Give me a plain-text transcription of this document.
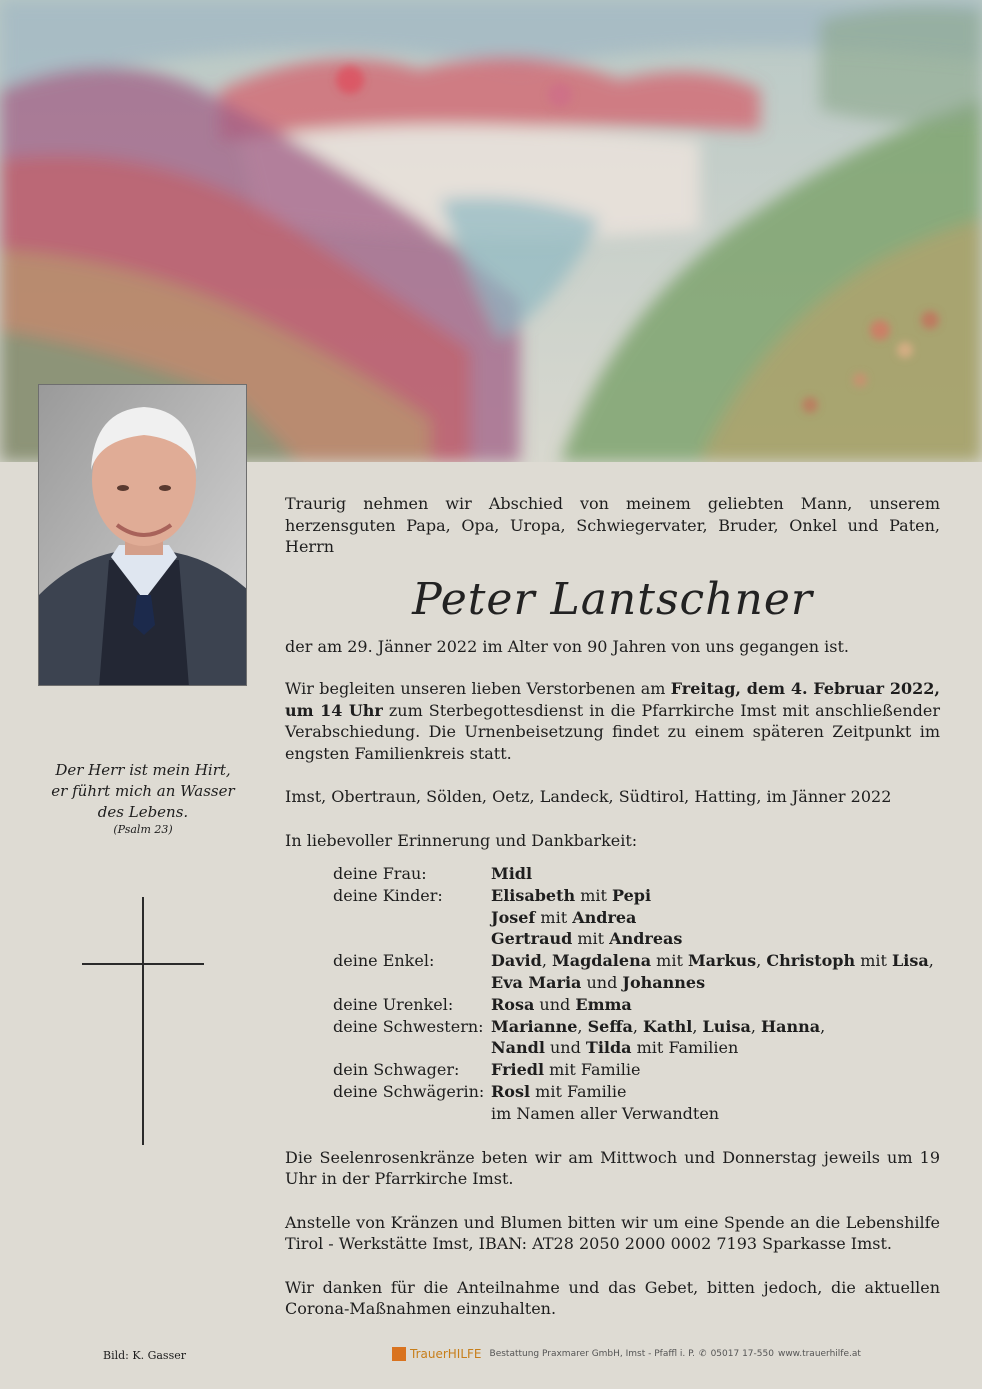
Der Herr ist mein Hirt,
er führt mich an Wasser
des Lebens.
(Psalm 23)

Traurig nehmen wir Abschied von meinem geliebten Mann, unserem herzensguten Papa, Opa, Uropa, Schwiegervater, Bruder, Onkel und Paten, Herrn

Peter Lantschner

der am 29. Jänner 2022 im Alter von 90 Jahren von uns gegangen ist.

Wir begleiten unseren lieben Verstorbenen am Freitag, dem 4. Februar 2022, um 14 Uhr zum Sterbegottesdienst in die Pfarrkirche Imst mit anschließender Verabschiedung. Die Urnenbeisetzung findet zu einem späteren Zeitpunkt im engsten Familienkreis statt.

Imst, Obertraun, Sölden, Oetz, Landeck, Südtirol, Hatting, im Jänner 2022

In liebevoller Erinnerung und Dankbarkeit:

deine Frau:	Midl

deine Kinder:	Elisabeth mit Pepi
Josef mit Andrea
Gertraud mit Andreas

deine Enkel:	David, Magdalena mit Markus, Christoph mit Lisa,
Eva Maria und Johannes

deine Urenkel:	Rosa und Emma

deine Schwestern:	Marianne, Seffa, Kathl, Luisa, Hanna,
Nandl und Tilda mit Familien

dein Schwager:	Friedl mit Familie

deine Schwägerin:	Rosl mit Familie
im Namen aller Verwandten

Die Seelenrosenkränze beten wir am Mittwoch und Donnerstag jeweils um 19 Uhr in der Pfarrkirche Imst.

Anstelle von Kränzen und Blumen bitten wir um eine Spende an die Lebenshilfe Tirol - Werkstätte Imst, IBAN: AT28 2050 2000 0002 7193 Sparkasse Imst.

Wir danken für die Anteilnahme und das Gebet, bitten jedoch, die aktuellen Corona-Maßnahmen einzuhalten.

Bild: K. Gasser	TrauerHILFE Bestattung Praxmarer GmbH, Imst - Pfaffl i. P. ✆ 05017 17-550 www.trauerhilfe.at
